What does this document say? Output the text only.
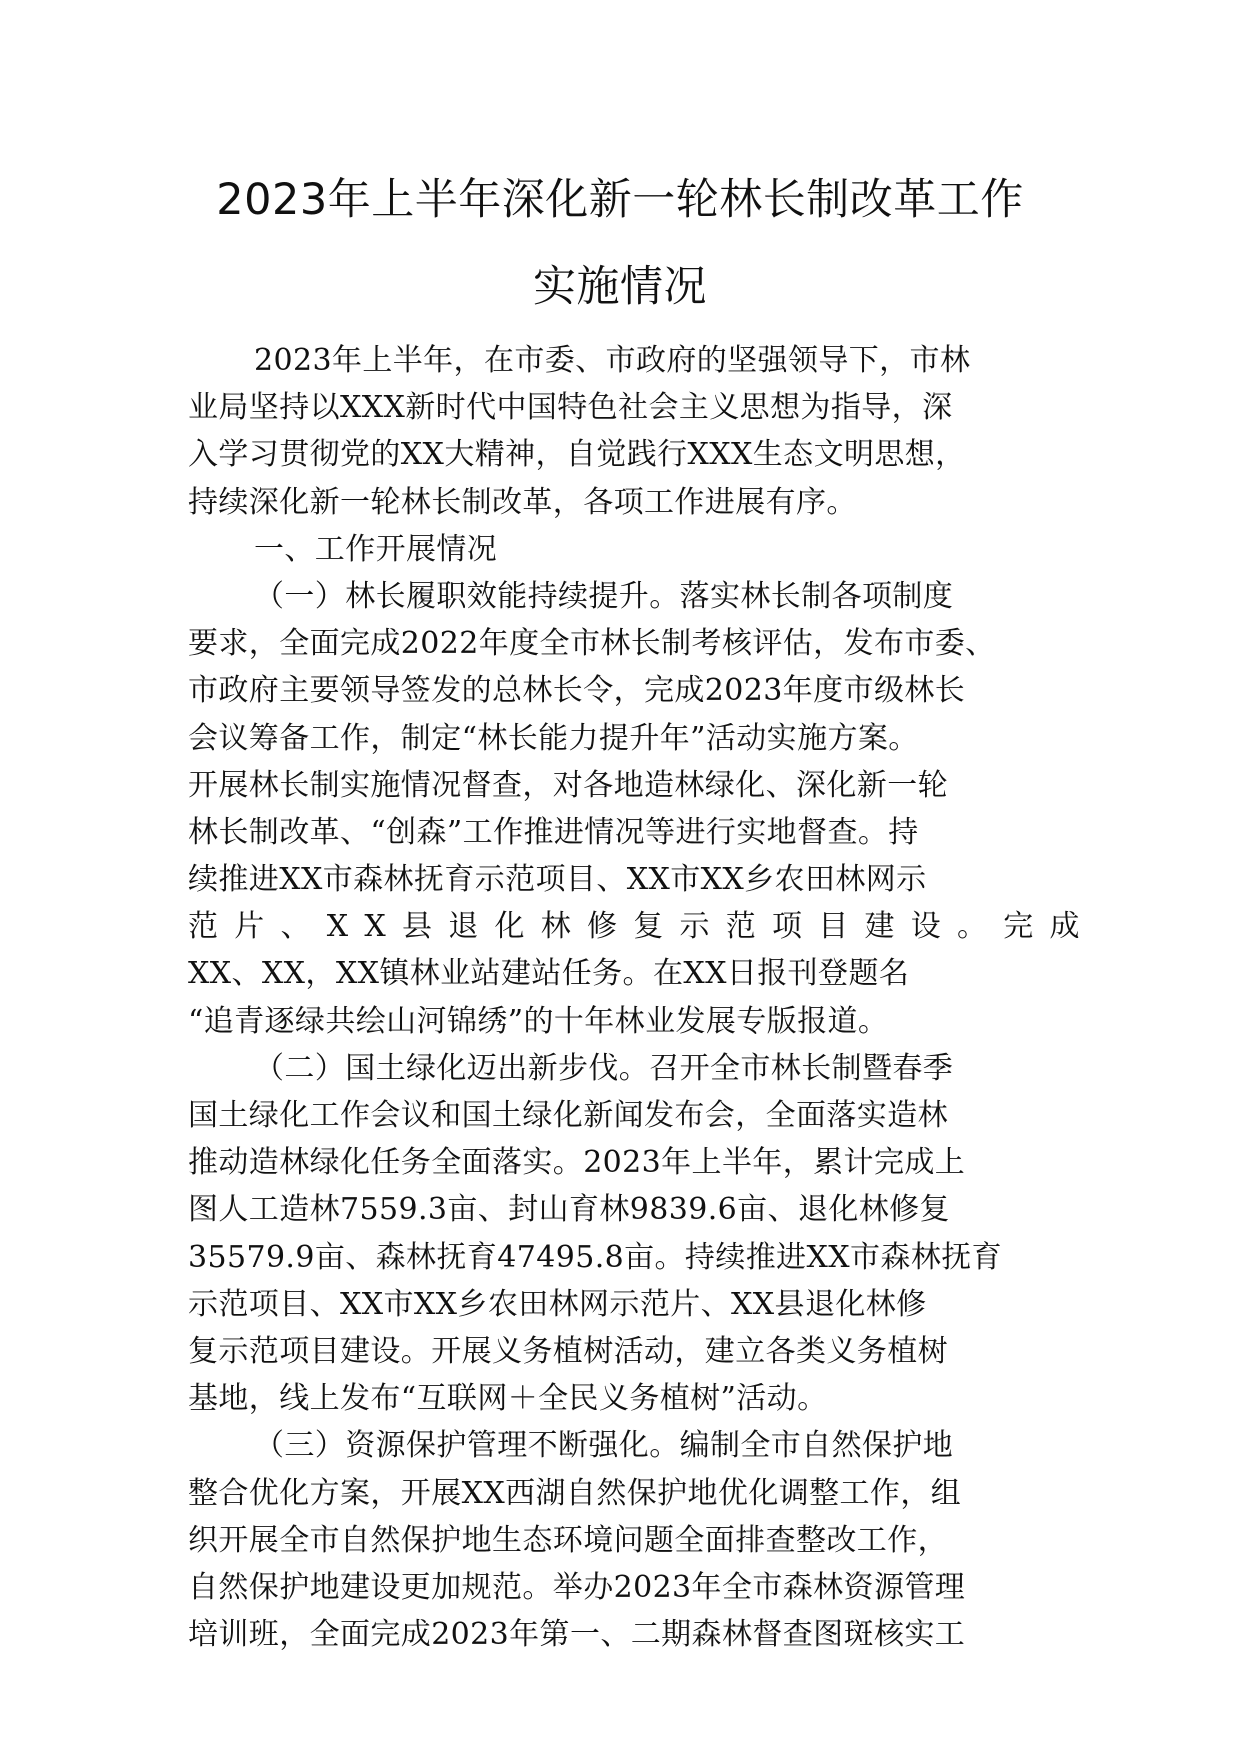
2023年上半年深化新一轮林长制改革工作
实施情况
2023年上半年，在市委、市政府的坚强领导下，市林
业局坚持以XXX新时代中国特色社会主义思想为指导，深
入学习贯彻党的XX大精神，自觉践行XXX生态文明思想，
持续深化新一轮林长制改革，各项工作进展有序。
一、工作开展情况
（一）林长履职效能持续提升。落实林长制各项制度
要求，全面完成2022年度全市林长制考核评估，发布市委、
市政府主要领导签发的总林长令，完成2023年度市级林长
会议筹备工作，制定“林长能力提升年”活动实施方案。
开展林长制实施情况督查，对各地造林绿化、深化新一轮
林长制改革、“创森”工作推进情况等进行实地督查。持
续推进XX市森林抚育示范项目、XX市XX乡农田林网示
范 片 、 X X 县 退 化 林 修 复 示 范 项 目 建 设 。 完 成
XX、XX，XX镇林业站建站任务。在XX日报刊登题名
“追青逐绿共绘山河锦绣”的十年林业发展专版报道。
（二）国土绿化迈出新步伐。召开全市林长制暨春季
国土绿化工作会议和国土绿化新闻发布会，全面落实造林
推动造林绿化任务全面落实。2023年上半年，累计完成上
图人工造林7559.3亩、封山育林9839.6亩、退化林修复
35579.9亩、森林抚育47495.8亩。持续推进XX市森林抚育
示范项目、XX市XX乡农田林网示范片、XX县退化林修
复示范项目建设。开展义务植树活动，建立各类义务植树
基地，线上发布“互联网＋全民义务植树”活动。
（三）资源保护管理不断强化。编制全市自然保护地
整合优化方案，开展XX西湖自然保护地优化调整工作，组
织开展全市自然保护地生态环境问题全面排查整改工作，
自然保护地建设更加规范。举办2023年全市森林资源管理
培训班，全面完成2023年第一、二期森林督查图斑核实工
